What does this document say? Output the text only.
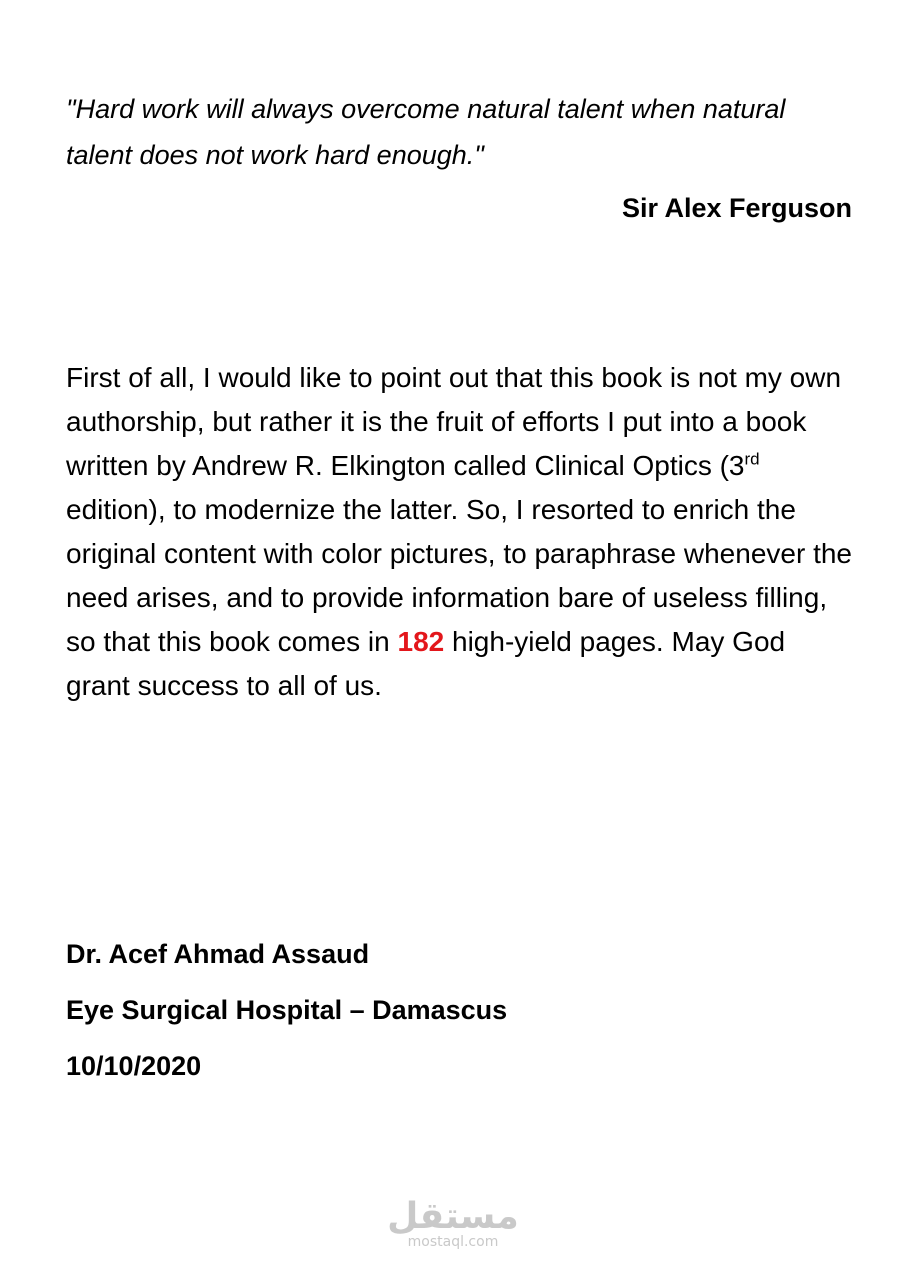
"Hard work will always overcome natural talent when natural talent does not work hard enough."

Sir Alex Ferguson

First of all, I would like to point out that this book is not my own authorship, but rather it is the fruit of efforts I put into a book written by Andrew R. Elkington called Clinical Optics (3rd edition), to modernize the latter. So, I resorted to enrich the original content with color pictures, to paraphrase whenever the need arises, and to provide information bare of useless filling, so that this book comes in 182 high-yield pages. May God grant success to all of us.

Dr. Acef Ahmad Assaud
Eye Surgical Hospital – Damascus
10/10/2020
مستقل
mostaql.com
